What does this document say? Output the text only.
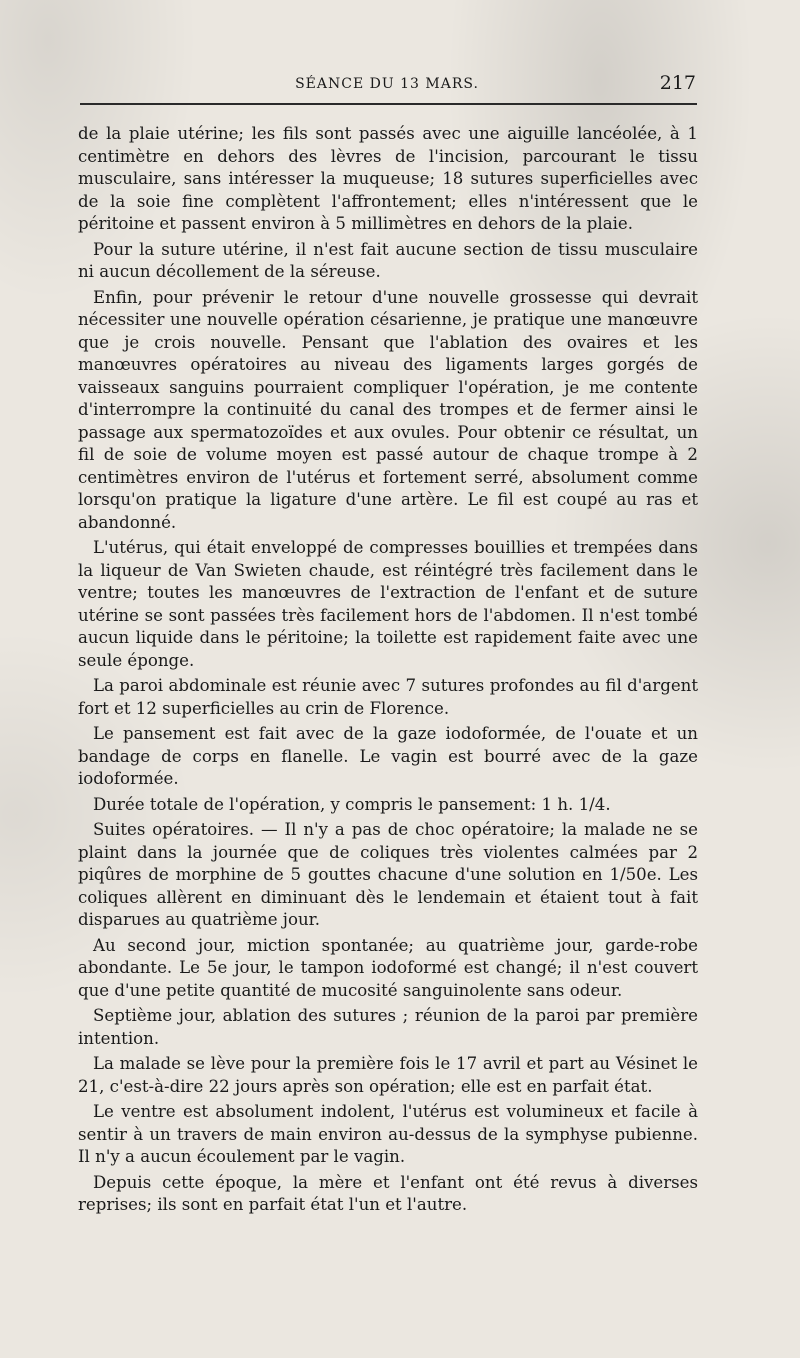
SÉANCE DU 13 MARS.	217

de la plaie utérine; les fils sont passés avec une aiguille lancéolée, à 1 centimètre en dehors des lèvres de l'incision, parcourant le tissu musculaire, sans intéresser la muqueuse; 18 sutures superficielles avec de la soie fine complètent l'affrontement; elles n'intéressent que le péritoine et passent environ à 5 millimètres en dehors de la plaie.

Pour la suture utérine, il n'est fait aucune section de tissu musculaire ni aucun décollement de la séreuse.

Enfin, pour prévenir le retour d'une nouvelle grossesse qui devrait nécessiter une nouvelle opération césarienne, je pratique une manœuvre que je crois nouvelle. Pensant que l'ablation des ovaires et les manœuvres opératoires au niveau des ligaments larges gorgés de vaisseaux sanguins pourraient compliquer l'opération, je me contente d'interrompre la continuité du canal des trompes et de fermer ainsi le passage aux spermatozoïdes et aux ovules. Pour obtenir ce résultat, un fil de soie de volume moyen est passé autour de chaque trompe à 2 centimètres environ de l'utérus et fortement serré, absolument comme lorsqu'on pratique la ligature d'une artère. Le fil est coupé au ras et abandonné.

L'utérus, qui était enveloppé de compresses bouillies et trempées dans la liqueur de Van Swieten chaude, est réintégré très facilement dans le ventre; toutes les manœuvres de l'extraction de l'enfant et de suture utérine se sont passées très facilement hors de l'abdomen. Il n'est tombé aucun liquide dans le péritoine; la toilette est rapidement faite avec une seule éponge.

La paroi abdominale est réunie avec 7 sutures profondes au fil d'argent fort et 12 superficielles au crin de Florence.

Le pansement est fait avec de la gaze iodoformée, de l'ouate et un bandage de corps en flanelle. Le vagin est bourré avec de la gaze iodoformée.

Durée totale de l'opération, y compris le pansement: 1 h. 1/4.

Suites opératoires. — Il n'y a pas de choc opératoire; la malade ne se plaint dans la journée que de coliques très violentes calmées par 2 piqûres de morphine de 5 gouttes chacune d'une solution en 1/50e. Les coliques allèrent en diminuant dès le lendemain et étaient tout à fait disparues au quatrième jour.

Au second jour, miction spontanée; au quatrième jour, garde-robe abondante. Le 5e jour, le tampon iodoformé est changé; il n'est couvert que d'une petite quantité de mucosité sanguinolente sans odeur.

Septième jour, ablation des sutures ; réunion de la paroi par première intention.

La malade se lève pour la première fois le 17 avril et part au Vésinet le 21, c'est-à-dire 22 jours après son opération; elle est en parfait état.

Le ventre est absolument indolent, l'utérus est volumineux et facile à sentir à un travers de main environ au-dessus de la symphyse pubienne. Il n'y a aucun écoulement par le vagin.

Depuis cette époque, la mère et l'enfant ont été revus à diverses reprises; ils sont en parfait état l'un et l'autre.
